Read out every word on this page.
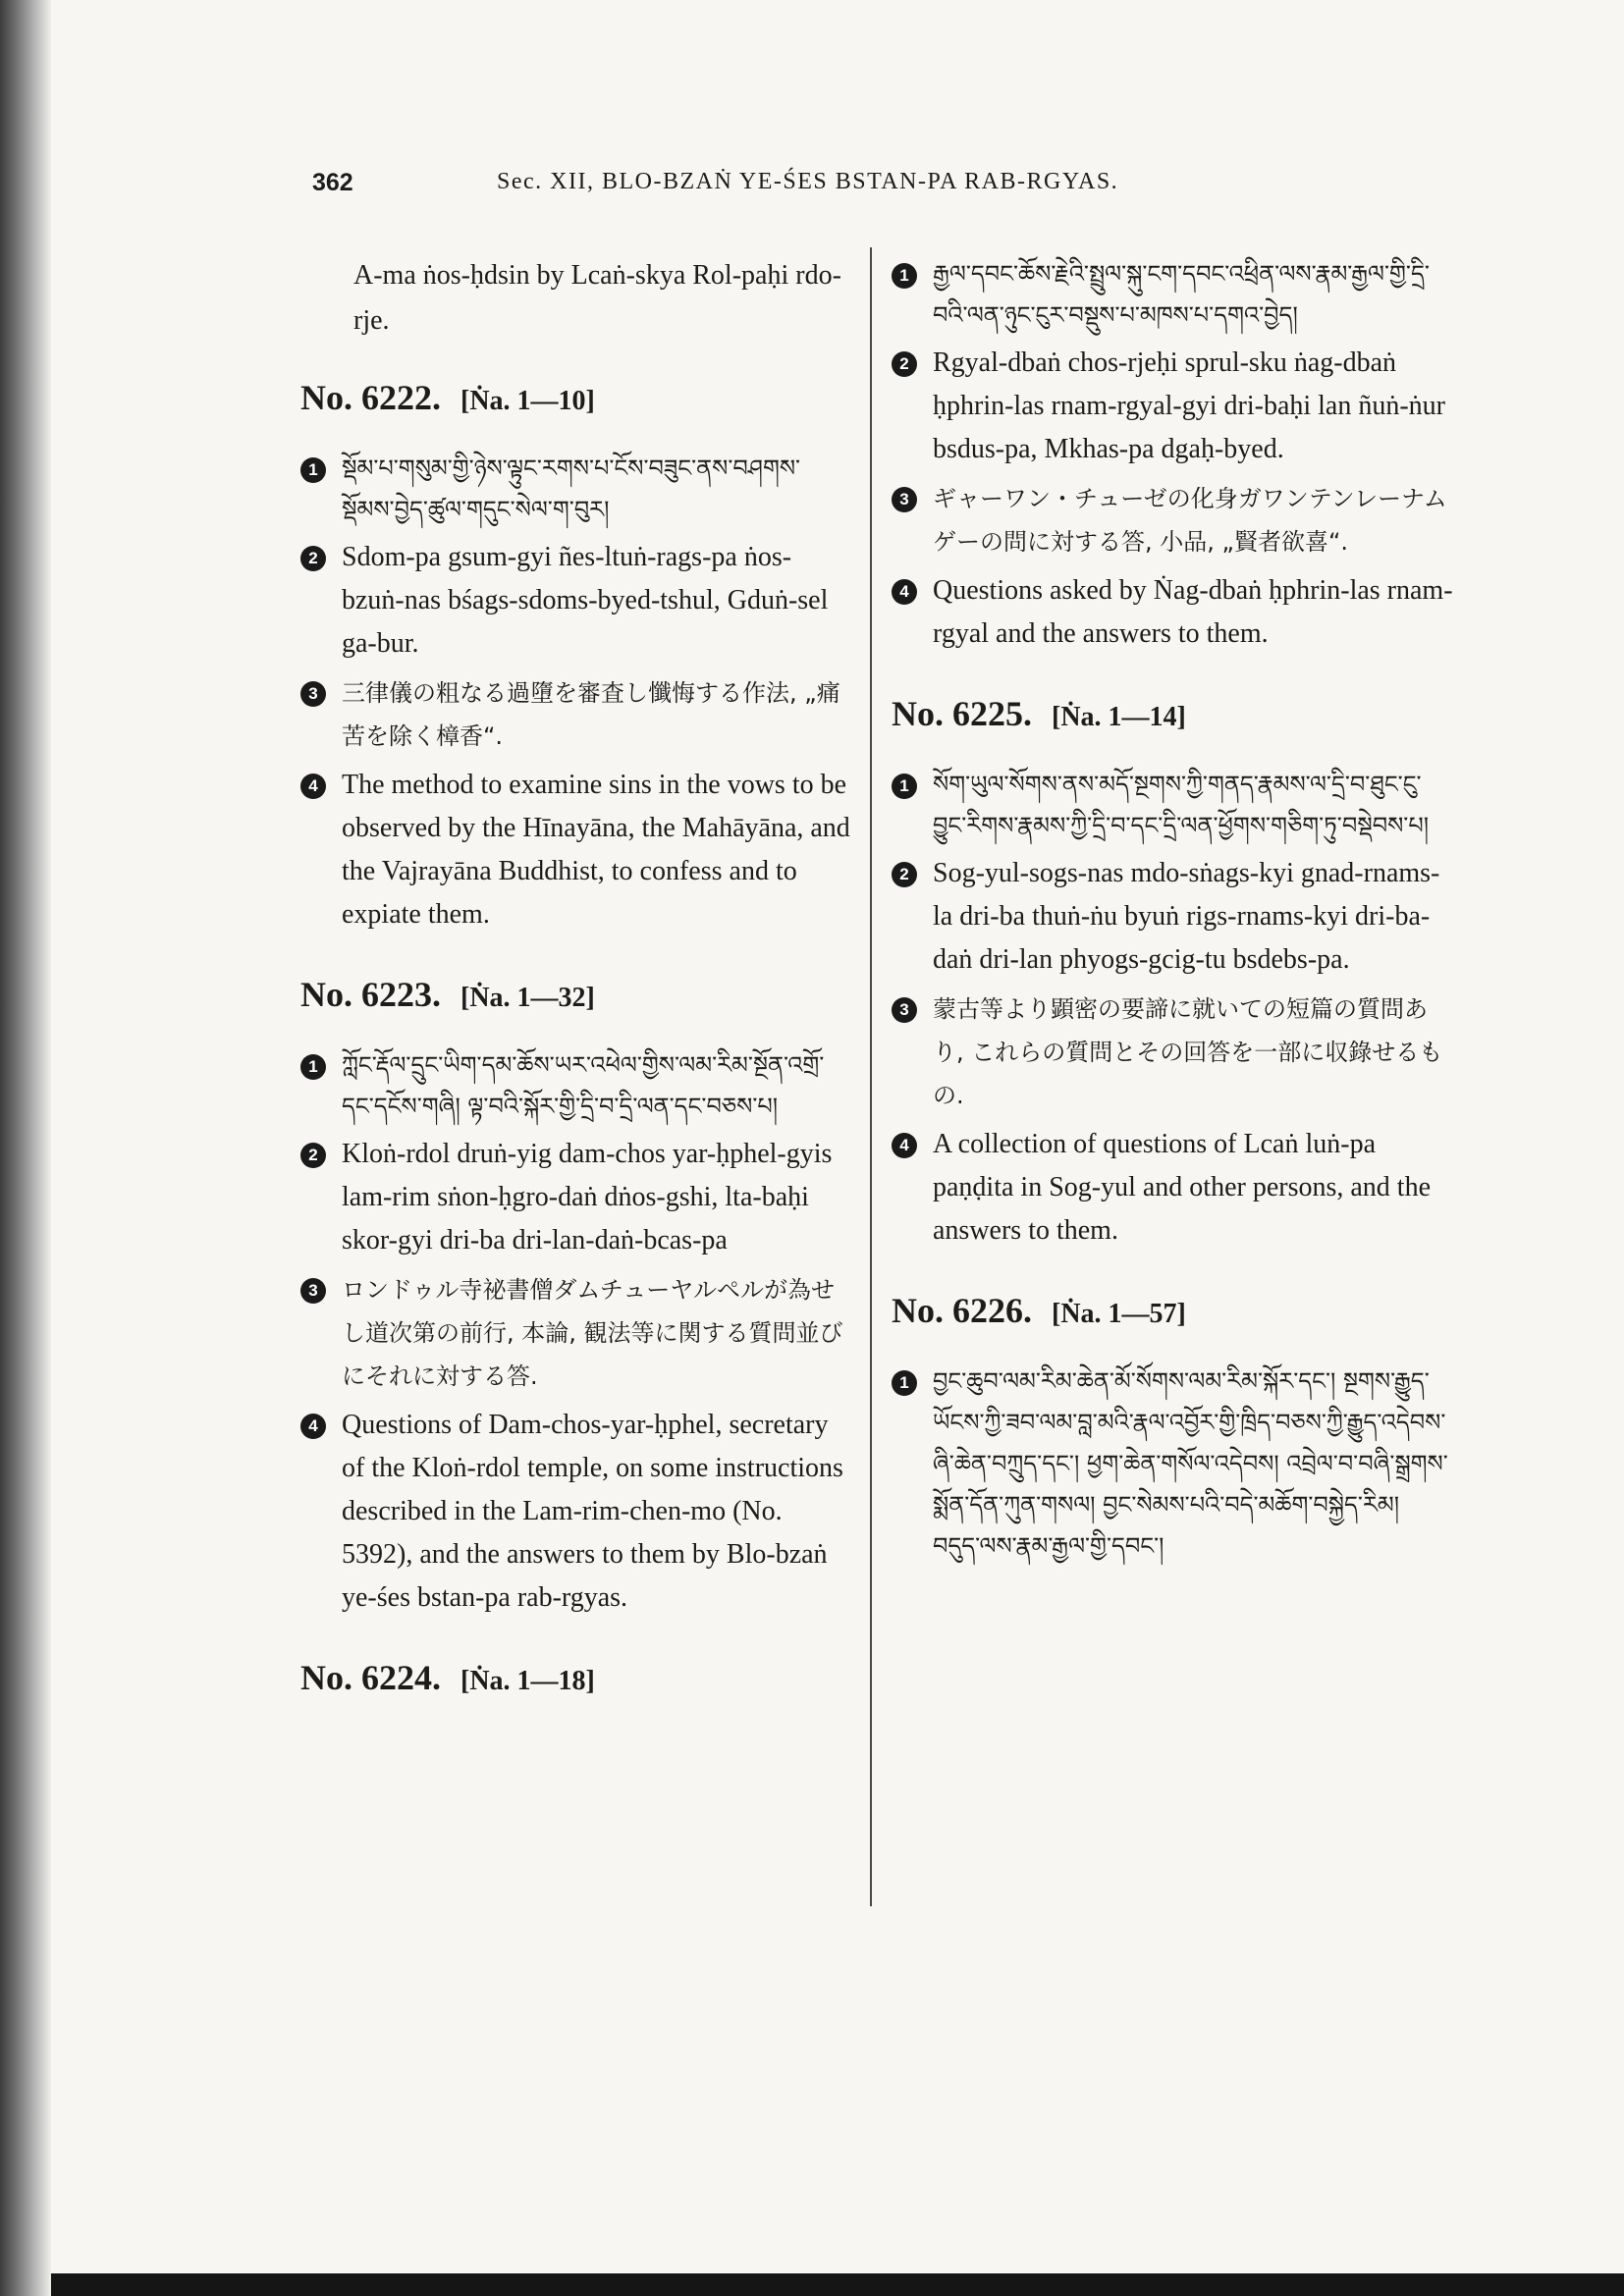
362	Sec. XII, BLO-BZAṄ YE-ŚES BSTAN-PA RAB-RGYAS.

A-ma ṅos-ḥdsin by Lcaṅ-skya Rol-paḥi rdo-rje.

No. 6222. [Ṅa. 1—10]
1	སྡོམ་པ་གསུམ་གྱི་ཉེས་ལྟུང་རགས་པ་ངོས་བཟུང་ནས་བཤགས་སྡོམས་བྱེད་ཚུལ་གདུང་སེལ་ག་བུར།
2 Sdom-pa gsum-gyi ñes-ltuṅ-rags-pa ṅos-bzuṅ-nas bśags-sdoms-byed-tshul, Gduṅ-sel ga-bur.
3	三律儀の粗なる過墮を審査し懺悔する作法, „痛苦を除く樟香“.
4 The method to examine sins in the vows to be observed by the Hīnayāna, the Mahāyāna, and the Vajrayāna Buddhist, to confess and to expiate them.
No. 6223. [Ṅa. 1—32]
1	ཀློང་རྡོལ་དྲུང་ཡིག་དམ་ཆོས་ཡར་འཕེལ་གྱིས་ལམ་རིམ་སྔོན་འགྲོ་དང་དངོས་གཞི། ལྟ་བའི་སྐོར་གྱི་དྲི་བ་དྲི་ལན་དང་བཅས་པ།
2 Kloṅ-rdol druṅ-yig dam-chos yar-ḥphel-gyis lam-rim sṅon-ḥgro-daṅ dṅos-gshi, lta-baḥi skor-gyi dri-ba dri-lan-daṅ-bcas-pa
3	ロンドゥル寺祕書僧ダムチューヤルペルが為せし道次第の前行, 本論, 観法等に関する質問並びにそれに対する答.
4 Questions of Dam-chos-yar-ḥphel, secretary of the Kloṅ-rdol temple, on some instructions described in the Lam-rim-chen-mo (No. 5392), and the answers to them by Blo-bzaṅ ye-śes bstan-pa rab-rgyas.
No. 6224. [Ṅa. 1—18]
1	རྒྱལ་དབང་ཆོས་རྗེའི་སྤྲུལ་སྐུ་ངག་དབང་འཕྲིན་ལས་རྣམ་རྒྱལ་གྱི་དྲི་བའི་ལན་ཉུང་ངུར་བསྡུས་པ་མཁས་པ་དགའ་བྱེད།
2 Rgyal-dbaṅ chos-rjeḥi sprul-sku ṅag-dbaṅ ḥphrin-las rnam-rgyal-gyi dri-baḥi lan ñuṅ-ṅur bsdus-pa, Mkhas-pa dgaḥ-byed.
3	ギャーワン・チューゼの化身ガワンテンレーナムゲーの問に対する答, 小品, „賢者欲喜“.
4 Questions asked by Ṅag-dbaṅ ḥphrin-las rnam-rgyal and the answers to them.
No. 6225. [Ṅa. 1—14]
1	སོག་ཡུལ་སོགས་ནས་མདོ་སྔགས་ཀྱི་གནད་རྣམས་ལ་དྲི་བ་ཐུང་ངུ་བྱུང་རིགས་རྣམས་ཀྱི་དྲི་བ་དང་དྲི་ལན་ཕྱོགས་གཅིག་ཏུ་བསྡེབས་པ།
2 Sog-yul-sogs-nas mdo-sṅags-kyi gnad-rnams-la dri-ba thuṅ-ṅu byuṅ rigs-rnams-kyi dri-ba-daṅ dri-lan phyogs-gcig-tu bsdebs-pa.
3	蒙古等より顕密の要諦に就いての短篇の質問あり, これらの質問とその回答を一部に収錄せるもの.
4 A collection of questions of Lcaṅ luṅ-pa paṇḍita in Sog-yul and other persons, and the answers to them.
No. 6226. [Ṅa. 1—57]
1	བྱང་ཆུབ་ལམ་རིམ་ཆེན་མོ་སོགས་ལམ་རིམ་སྐོར་དང་། སྔགས་རྒྱུད་ཡོངས་ཀྱི་ཟབ་ལམ་བླ་མའི་རྣལ་འབྱོར་གྱི་ཁྲིད་བཅས་ཀྱི་རྒྱུད་འདེབས་ཞི་ཆེན་བཀྲུད་དང་། ཕྱག་ཆེན་གསོལ་འདེབས། འབྲེལ་བ་བཞི་སྒྲགས་སྨོན་དོན་ཀུན་གསལ། བྱང་སེམས་པའི་བདེ་མཆོག་བསྐྱེད་རིམ། བདུད་ལས་རྣམ་རྒྱལ་གྱི་དབང་།
